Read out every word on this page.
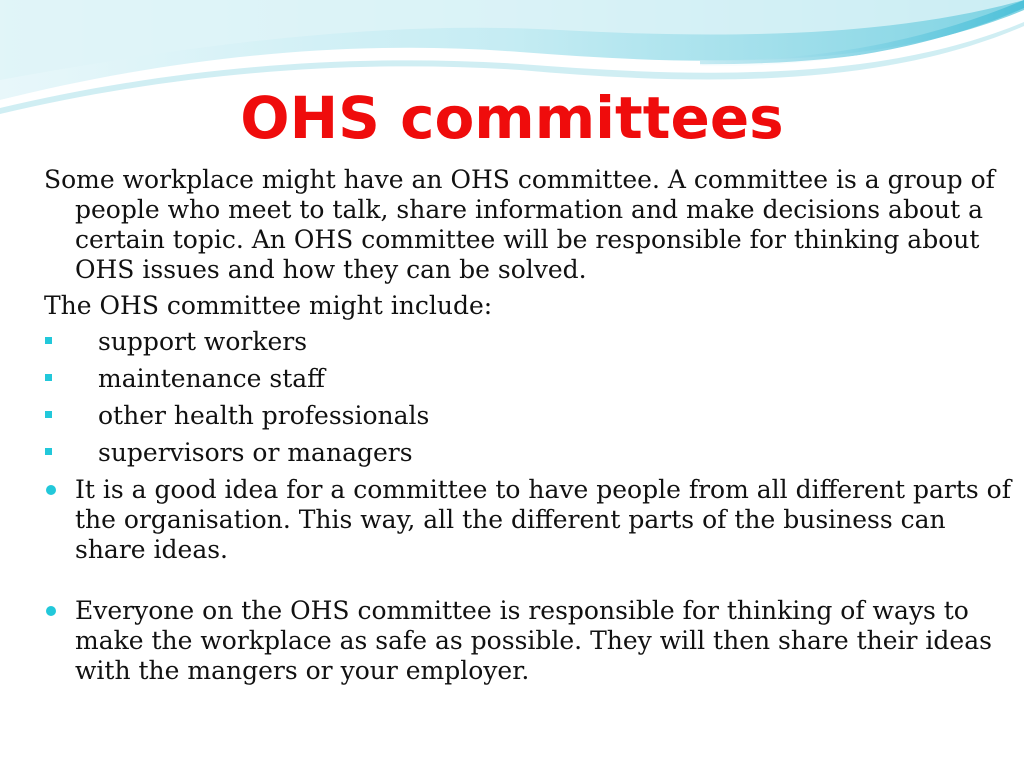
OHS committees

Some workplace might have an OHS committee. A committee is a group of people who meet to talk, share information and make decisions about a certain topic. An OHS committee will be responsible for thinking about OHS issues and how they can be solved.

The OHS committee might include:

support workers
maintenance staff
other health professionals
supervisors or managers
It is a good idea for a committee to have people from all different parts of the organisation. This way, all the different parts of the business can share ideas.
Everyone on the OHS committee is responsible for thinking of ways to make the workplace as safe as possible. They will then share their ideas with the mangers or your employer.
